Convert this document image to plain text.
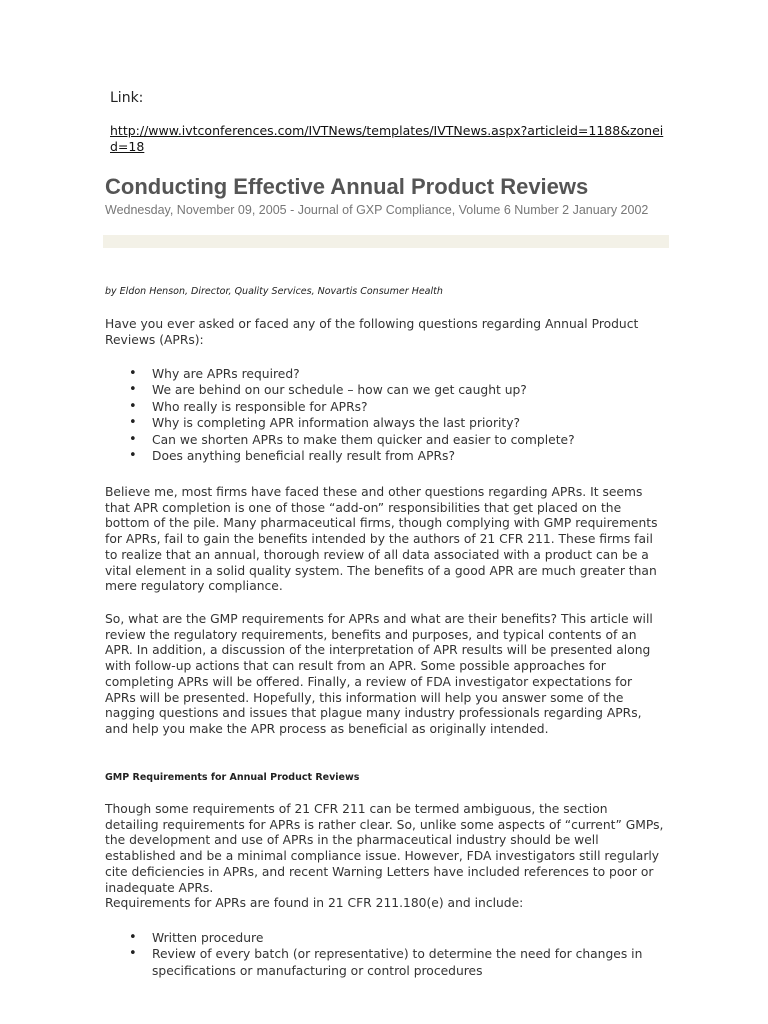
Link:
http://www.ivtconferences.com/IVTNews/templates/IVTNews.aspx?articleid=1188&zoneid=18
Conducting Effective Annual Product Reviews
Wednesday, November 09, 2005 - Journal of GXP Compliance, Volume 6 Number 2 January 2002
by Eldon Henson, Director, Quality Services, Novartis Consumer Health

Have you ever asked or faced any of the following questions regarding Annual Product Reviews (APRs):

• Why are APRs required?
• We are behind on our schedule – how can we get caught up?
• Who really is responsible for APRs?
• Why is completing APR information always the last priority?
• Can we shorten APRs to make them quicker and easier to complete?
• Does anything beneficial really result from APRs?

Believe me, most firms have faced these and other questions regarding APRs. It seems that APR completion is one of those “add-on” responsibilities that get placed on the bottom of the pile. Many pharmaceutical firms, though complying with GMP requirements for APRs, fail to gain the benefits intended by the authors of 21 CFR 211. These firms fail to realize that an annual, thorough review of all data associated with a product can be a vital element in a solid quality system. The benefits of a good APR are much greater than mere regulatory compliance.

So, what are the GMP requirements for APRs and what are their benefits? This article will review the regulatory requirements, benefits and purposes, and typical contents of an APR. In addition, a discussion of the interpretation of APR results will be presented along with follow-up actions that can result from an APR. Some possible approaches for completing APRs will be offered. Finally, a review of FDA investigator expectations for APRs will be presented. Hopefully, this information will help you answer some of the nagging questions and issues that plague many industry professionals regarding APRs, and help you make the APR process as beneficial as originally intended.

GMP Requirements for Annual Product Reviews

Though some requirements of 21 CFR 211 can be termed ambiguous, the section detailing requirements for APRs is rather clear. So, unlike some aspects of “current” GMPs, the development and use of APRs in the pharmaceutical industry should be well established and be a minimal compliance issue. However, FDA investigators still regularly cite deficiencies in APRs, and recent Warning Letters have included references to poor or inadequate APRs.

Requirements for APRs are found in 21 CFR 211.180(e) and include:

• Written procedure
• Review of every batch (or representative) to determine the need for changes in specifications or manufacturing or control procedures
